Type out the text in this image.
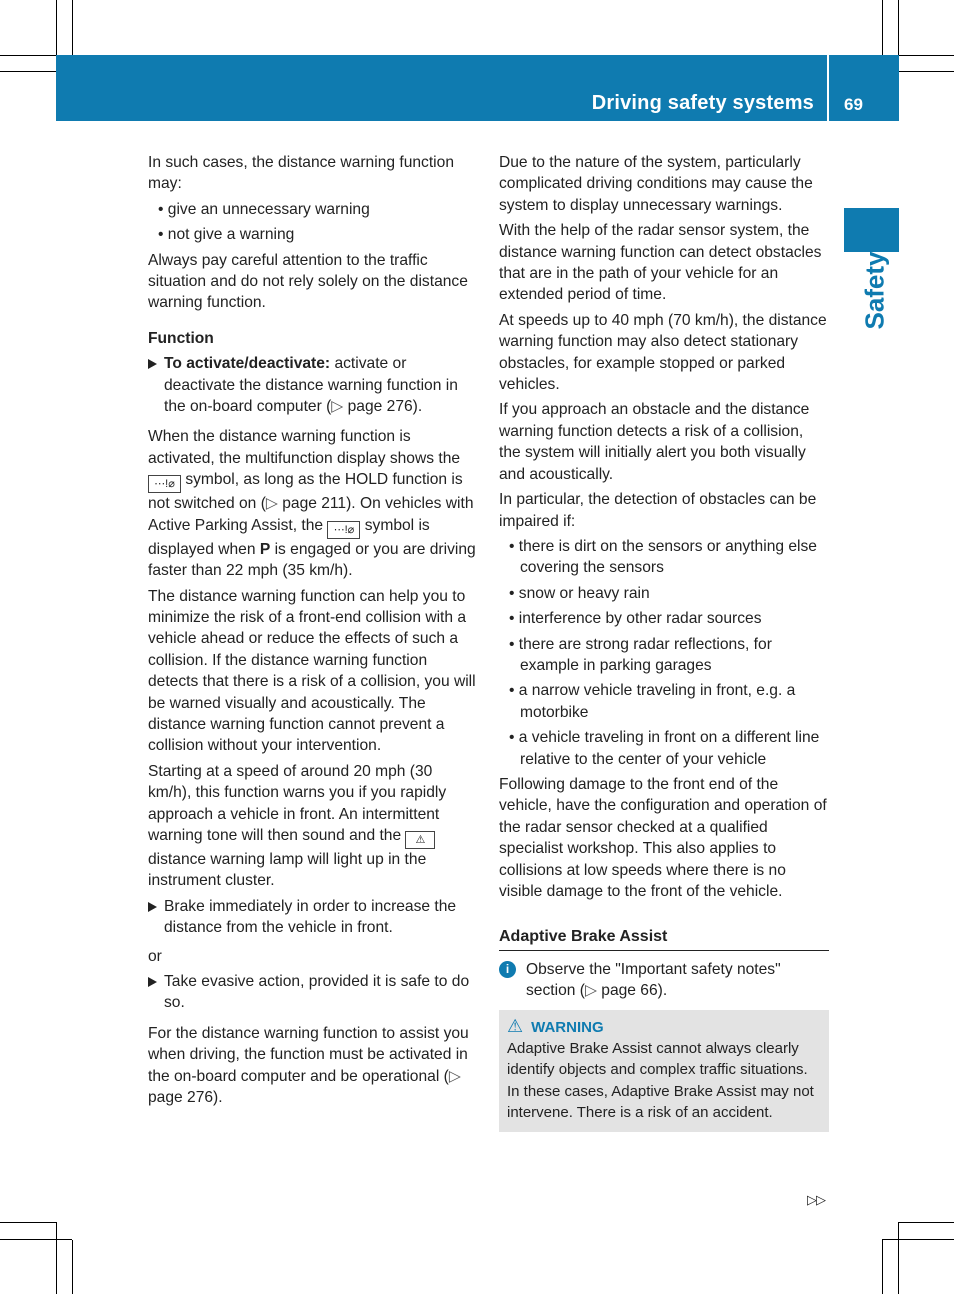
Driving safety systems 69
Safety

In such cases, the distance warning function may:

• give an unnecessary warning
• not give a warning

Always pay careful attention to the traffic situation and do not rely solely on the distance warning function.

Function
To activate/deactivate: activate or deactivate the distance warning function in the on-board computer (▷ page 276).

When the distance warning function is activated, the multifunction display shows the ⋯!⌀ symbol, as long as the HOLD function is not switched on (▷ page 211). On vehicles with Active Parking Assist, the ⋯!⌀ symbol is displayed when P is engaged or you are driving faster than 22 mph (35 km/h).

The distance warning function can help you to minimize the risk of a front-end collision with a vehicle ahead or reduce the effects of such a collision. If the distance warning function detects that there is a risk of a collision, you will be warned visually and acoustically. The distance warning function cannot prevent a collision without your intervention.

Starting at a speed of around 20 mph (30 km/h), this function warns you if you rapidly approach a vehicle in front. An intermittent warning tone will then sound and the ⚠ distance warning lamp will light up in the instrument cluster.

Brake immediately in order to increase the distance from the vehicle in front.

or

Take evasive action, provided it is safe to do so.

For the distance warning function to assist you when driving, the function must be activated in the on-board computer and be operational (▷ page 276).

Due to the nature of the system, particularly complicated driving conditions may cause the system to display unnecessary warnings.

With the help of the radar sensor system, the distance warning function can detect obstacles that are in the path of your vehicle for an extended period of time.

At speeds up to 40 mph (70 km/h), the distance warning function may also detect stationary obstacles, for example stopped or parked vehicles.

If you approach an obstacle and the distance warning function detects a risk of a collision, the system will initially alert you both visually and acoustically.

In particular, the detection of obstacles can be impaired if:

• there is dirt on the sensors or anything else covering the sensors
• snow or heavy rain
• interference by other radar sources
• there are strong radar reflections, for example in parking garages
• a narrow vehicle traveling in front, e.g. a motorbike
• a vehicle traveling in front on a different line relative to the center of your vehicle

Following damage to the front end of the vehicle, have the configuration and operation of the radar sensor checked at a qualified specialist workshop. This also applies to collisions at low speeds where there is no visible damage to the front of the vehicle.

Adaptive Brake Assist
i	Observe the "Important safety notes" section (▷ page 66).
⚠ WARNING
Adaptive Brake Assist cannot always clearly identify objects and complex traffic situations. In these cases, Adaptive Brake Assist may not intervene. There is a risk of an accident.
▷▷
